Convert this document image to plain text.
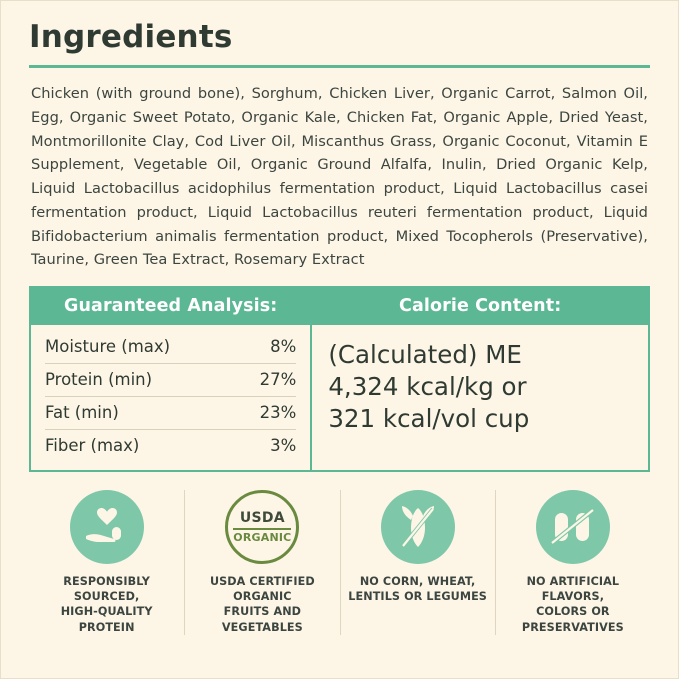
Ingredients
Chicken (with ground bone), Sorghum, Chicken Liver, Organic Carrot, Salmon Oil, Egg, Organic Sweet Potato, Organic Kale, Chicken Fat, Organic Apple, Dried Yeast, Montmorillonite Clay, Cod Liver Oil, Miscanthus Grass, Organic Coconut, Vitamin E Supplement, Vegetable Oil, Organic Ground Alfalfa, Inulin, Dried Organic Kelp, Liquid Lactobacillus acidophilus fermentation product, Liquid Lactobacillus casei fermentation product, Liquid Lactobacillus reuteri fermentation product, Liquid Bifidobacterium animalis fermentation product, Mixed Tocopherols (Preservative), Taurine, Green Tea Extract, Rosemary Extract
Guaranteed Analysis:
Moisture (max)	8%
Protein (min)	27%
Fat (min)	23%
Fiber (max)	3%
Calorie Content:
(Calculated) ME
4,324 kcal/kg or
321 kcal/vol cup
RESPONSIBLY SOURCED,
HIGH-QUALITY PROTEIN
USDA
ORGANIC
USDA CERTIFIED ORGANIC
FRUITS AND VEGETABLES
NO CORN, WHEAT,
LENTILS OR LEGUMES
NO ARTIFICIAL FLAVORS,
COLORS OR PRESERVATIVES
